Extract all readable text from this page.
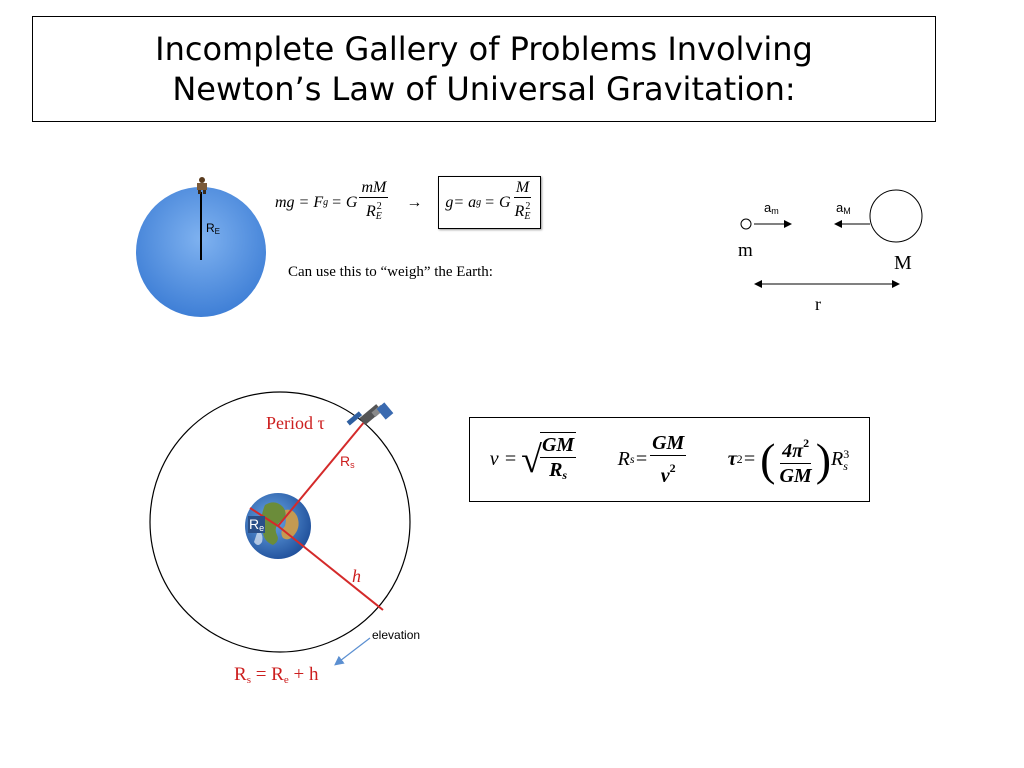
Incomplete Gallery of Problems Involving
Newton’s Law of Universal Gravitation:
RE
mg = F g = G $\frac{mM}{R^2_E} \to g= a$ g = G $\frac{M}{R^2_E}$
Can use this to “weigh” the Earth:
am	aM
m
M
r
Period τ
Rs
Re
h
elevation
Rs = Re + h
v = √
$\frac{GM}{R_s}$ R $s = \frac{GM}{v^2}$ τ 2 = ( $\frac{4\pi^2}{GM}$ ) R 3
s
